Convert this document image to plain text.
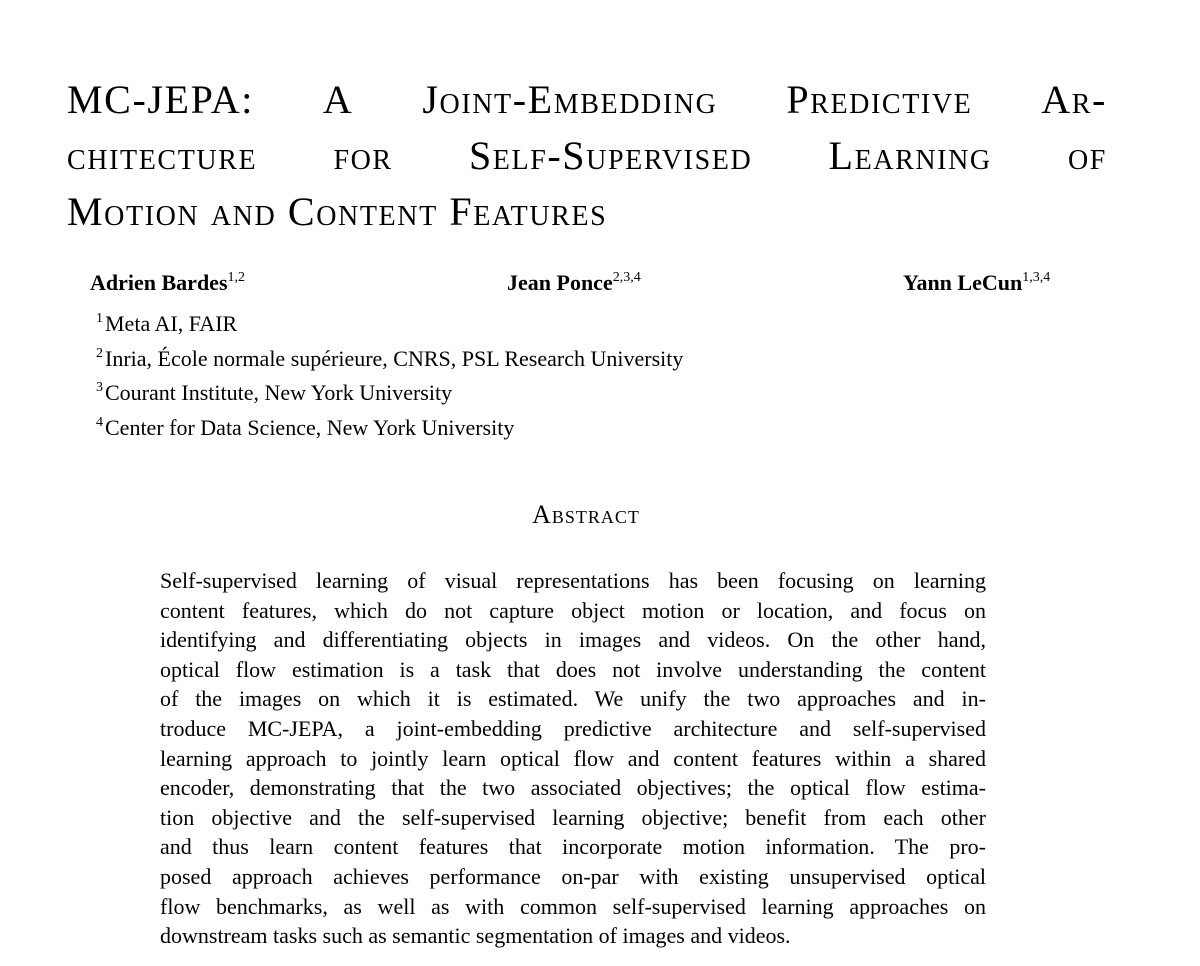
MC-JEPA: A Joint-Embedding Predictive Ar-
chitecture for Self-Supervised Learning of
Motion and Content Features
Adrien Bardes$^{1,2}$	Jean Ponce$^{2,3,4}$	Yann LeCun$^{1,3,4}$
$^1$Meta AI, FAIR
$^2$Inria, École normale supérieure, CNRS, PSL Research University
$^3$Courant Institute, New York University
$^4$Center for Data Science, New York University
Abstract
Self-supervised learning of visual representations has been focusing on learning
content features, which do not capture object motion or location, and focus on
identifying and differentiating objects in images and videos. On the other hand,
optical flow estimation is a task that does not involve understanding the content
of the images on which it is estimated. We unify the two approaches and in-
troduce MC-JEPA, a joint-embedding predictive architecture and self-supervised
learning approach to jointly learn optical flow and content features within a shared
encoder, demonstrating that the two associated objectives; the optical flow estima-
tion objective and the self-supervised learning objective; benefit from each other
and thus learn content features that incorporate motion information. The pro-
posed approach achieves performance on-par with existing unsupervised optical
flow benchmarks, as well as with common self-supervised learning approaches on
downstream tasks such as semantic segmentation of images and videos.
